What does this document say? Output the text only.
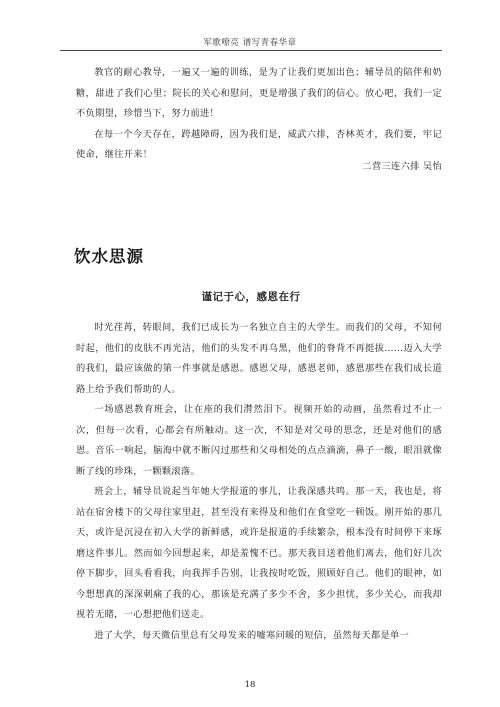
军歌嘹亮 谱写青春华章

教官的耐心教导，一遍又一遍的训练，是为了让我们更加出色；辅导员的陪伴和奶糖，甜进了我们心里；院长的关心和慰问，更是增强了我们的信心。放心吧，我们一定不负期望，珍惜当下，努力前进！

在每一个今天存在，跨越障碍，因为我们是，威武六排，杏林英才，我们要，牢记使命，继往开来！

二营三连六排 吴怡
饮水思源
谨记于心，感恩在行

时光荏苒，转眼间，我们已成长为一名独立自主的大学生。而我们的父母，不知何时起，他们的皮肤不再光洁，他们的头发不再乌黑，他们的脊背不再挺拔……迈入大学的我们，最应该做的第一件事就是感恩。感恩父母，感恩老师，感恩那些在我们成长道路上给予我们帮助的人。

一场感恩教育班会，让在座的我们潸然泪下。视频开始的动画，虽然看过不止一次，但每一次看，心都会有所触动。这一次，不知是对父母的思念，还是对他们的感恩。音乐一响起，脑海中就不断闪过那些和父母相处的点点滴滴，鼻子一酸，眼泪就像断了线的珍珠，一颗颗滚落。

班会上，辅导员说起当年她大学报道的事儿，让我深感共鸣。那一天，我也是，将站在宿舍楼下的父母往家里赶，甚至没有来得及和他们在食堂吃一顿饭。刚开始的那几天，或许是沉浸在初入大学的新鲜感，或许是报道的手续繁杂，根本没有时间停下来琢磨这件事儿。然而如今回想起来，却是羞愧不已。那天我目送着他们离去，他们好几次停下脚步，回头看看我，向我挥手告别，让我按时吃饭，照顾好自己。他们的眼神，如今想想真的深深刺痛了我的心，那该是充满了多少不舍，多少担忧，多少关心，而我却视若无睹，一心想把他们送走。

进了大学，每天微信里总有父母发来的嘘寒问暖的短信，虽然每天都是单一

18
